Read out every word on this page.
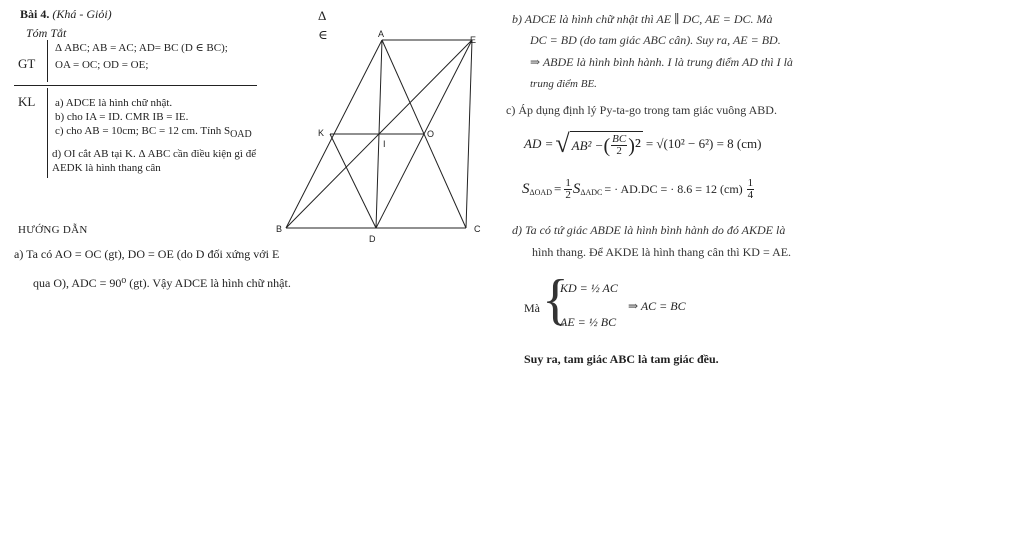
Bài 4. (Khá - Giỏi)
Tóm Tắt
Δ
∈
GT
Δ ABC; AB = AC; AD= BC (D ∈ BC);
OA = OC; OD = OE;
KL a) ADCE là hình chữ nhật.
b) cho IA = ID. CMR IB = IE.
c) cho AB = 10cm; BC = 12 cm. Tính $S_{OAD}$
d) OI cắt AB tại K. Δ ABC cần điều kiện gì để
AEDK là hình thang cân
HƯỚNG DẪN
a) Ta có AO = OC (gt), DO = OE (do D đối xứng với E
qua O), ADC = 90⁰ (gt). Vậy ADCE là hình chữ nhật.
A
E
K	O
I
B
D
C
b) ADCE là hình chữ nhật thì AE ∥ DC, AE = DC. Mà
DC = BD (do tam giác ABC cân). Suy ra, AE = BD.
⇒ ABDE là hình bình hành. I là trung điểm AD thì I là
trung điểm BE.
c) Áp dụng định lý Py-ta-go trong tam giác vuông ABD.
AD = √ AB² − ( $\frac{BC}{2} )^2 = √(10^2 - 6^2) = 8$ (cm)
$S_{\Delta OAD} = \frac{1}{2} S_{\Delta ADC}$ = · AD.DC = · 8.6 = 12 $(cm) \frac{1}{4}$
d) Ta có tứ giác ABDE là hình bình hành do đó AKDE là
hình thang. Để AKDE là hình thang cân thì KD = AE.
Mà {
KD = ½ AC
AE = ½ BC
⇒ AC = BC
Suy ra, tam giác ABC là tam giác đều.
